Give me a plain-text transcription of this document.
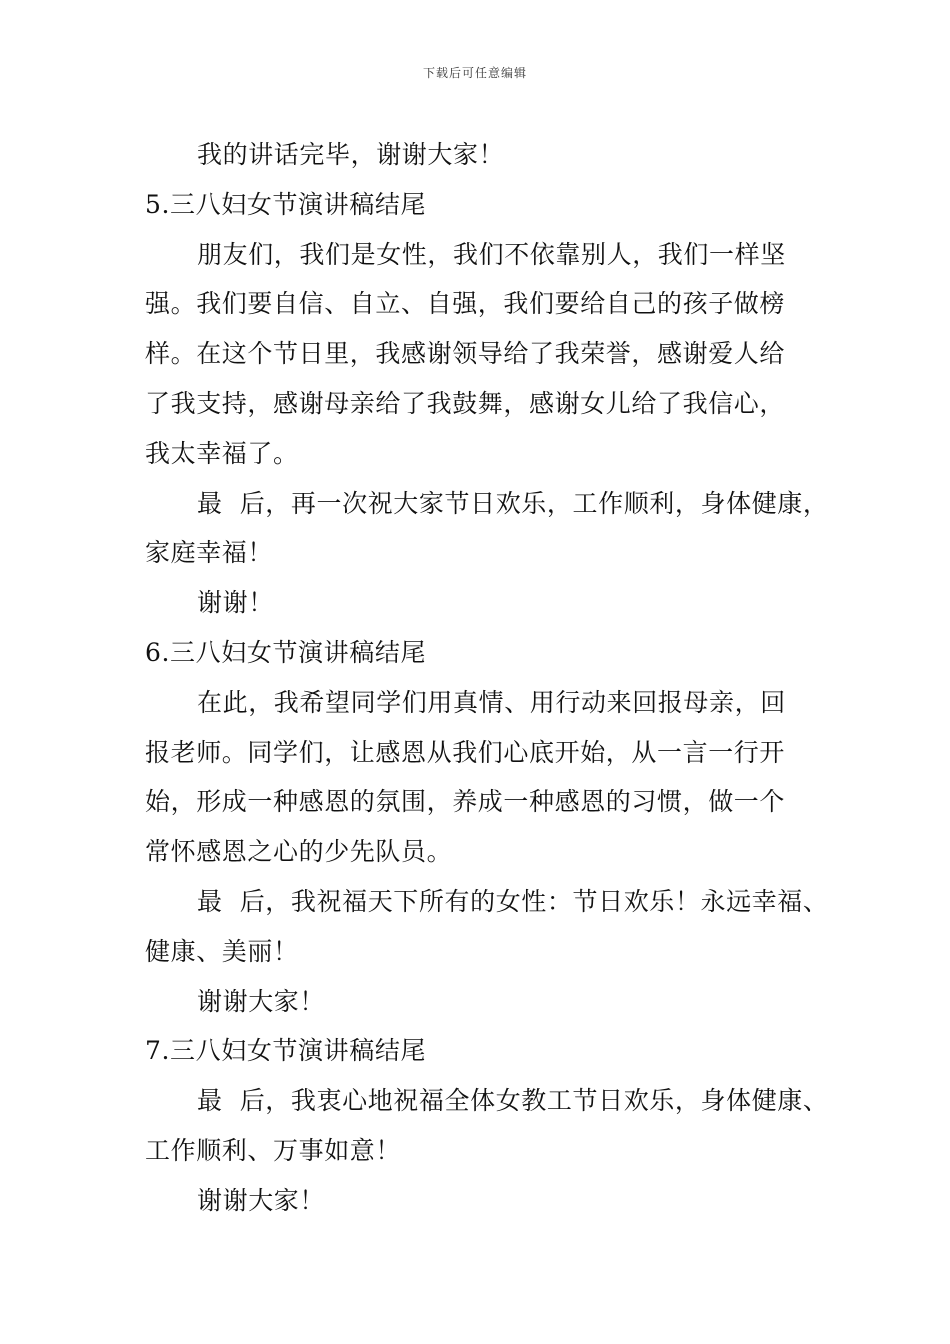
下载后可任意编辑
我的讲话完毕，谢谢大家！
5.三八妇女节演讲稿结尾
朋友们，我们是女性，我们不依靠别人，我们一样坚
强。我们要自信、自立、自强，我们要给自己的孩子做榜
样。在这个节日里，我感谢领导给了我荣誉，感谢爱人给
了我支持，感谢母亲给了我鼓舞，感谢女儿给了我信心，
我太幸福了。
最  后，再一次祝大家节日欢乐，工作顺利，身体健康，
家庭幸福！
谢谢！
6.三八妇女节演讲稿结尾
在此，我希望同学们用真情、用行动来回报母亲，回
报老师。同学们，让感恩从我们心底开始，从一言一行开
始，形成一种感恩的氛围，养成一种感恩的习惯，做一个
常怀感恩之心的少先队员。
最  后，我祝福天下所有的女性：节日欢乐！永远幸福、
健康、美丽！
谢谢大家！
7.三八妇女节演讲稿结尾
最  后，我衷心地祝福全体女教工节日欢乐，身体健康、
工作顺利、万事如意！
谢谢大家！
